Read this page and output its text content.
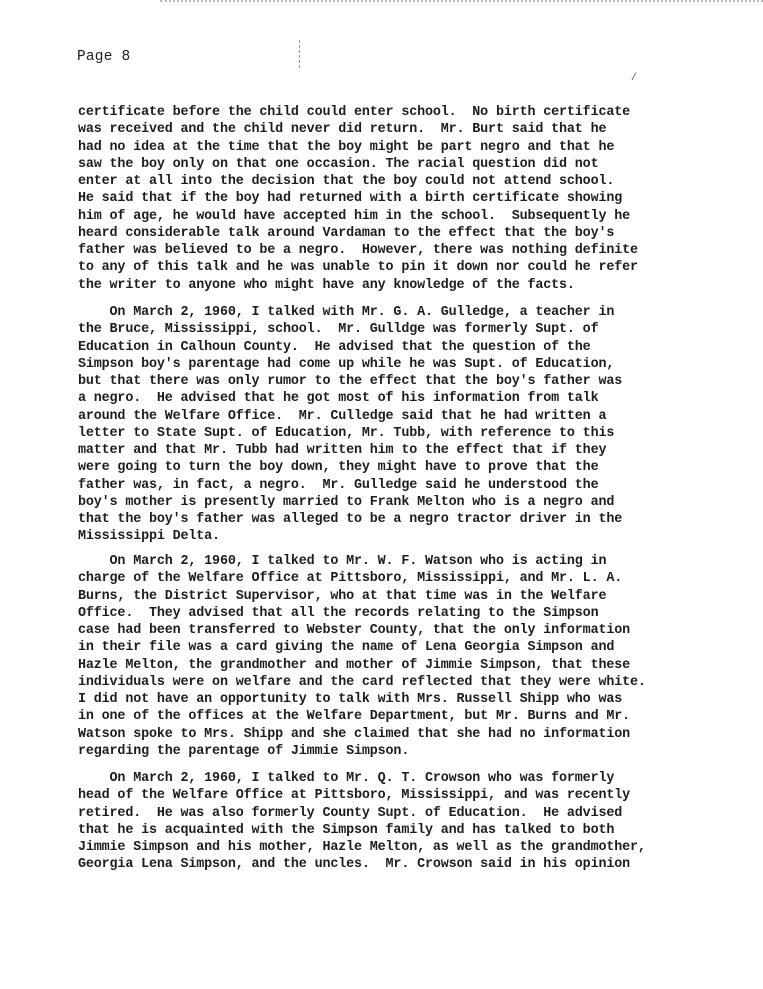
Page 8
/
certificate before the child could enter school.  No birth certificate
was received and the child never did return.  Mr. Burt said that he
had no idea at the time that the boy might be part negro and that he
saw the boy only on that one occasion. The racial question did not
enter at all into the decision that the boy could not attend school.
He said that if the boy had returned with a birth certificate showing
him of age, he would have accepted him in the school.  Subsequently he
heard considerable talk around Vardaman to the effect that the boy's
father was believed to be a negro.  However, there was nothing definite
to any of this talk and he was unable to pin it down nor could he refer
the writer to anyone who might have any knowledge of the facts.
On March 2, 1960, I talked with Mr. G. A. Gulledge, a teacher in
the Bruce, Mississippi, school.  Mr. Gulldge was formerly Supt. of
Education in Calhoun County.  He advised that the question of the
Simpson boy's parentage had come up while he was Supt. of Education,
but that there was only rumor to the effect that the boy's father was
a negro.  He advised that he got most of his information from talk
around the Welfare Office.  Mr. Culledge said that he had written a
letter to State Supt. of Education, Mr. Tubb, with reference to this
matter and that Mr. Tubb had written him to the effect that if they
were going to turn the boy down, they might have to prove that the
father was, in fact, a negro.  Mr. Gulledge said he understood the
boy's mother is presently married to Frank Melton who is a negro and
that the boy's father was alleged to be a negro tractor driver in the
Mississippi Delta.
On March 2, 1960, I talked to Mr. W. F. Watson who is acting in
charge of the Welfare Office at Pittsboro, Mississippi, and Mr. L. A.
Burns, the District Supervisor, who at that time was in the Welfare
Office.  They advised that all the records relating to the Simpson
case had been transferred to Webster County, that the only information
in their file was a card giving the name of Lena Georgia Simpson and
Hazle Melton, the grandmother and mother of Jimmie Simpson, that these
individuals were on welfare and the card reflected that they were white.
I did not have an opportunity to talk with Mrs. Russell Shipp who was
in one of the offices at the Welfare Department, but Mr. Burns and Mr.
Watson spoke to Mrs. Shipp and she claimed that she had no information
regarding the parentage of Jimmie Simpson.
On March 2, 1960, I talked to Mr. Q. T. Crowson who was formerly
head of the Welfare Office at Pittsboro, Mississippi, and was recently
retired.  He was also formerly County Supt. of Education.  He advised
that he is acquainted with the Simpson family and has talked to both
Jimmie Simpson and his mother, Hazle Melton, as well as the grandmother,
Georgia Lena Simpson, and the uncles.  Mr. Crowson said in his opinion
